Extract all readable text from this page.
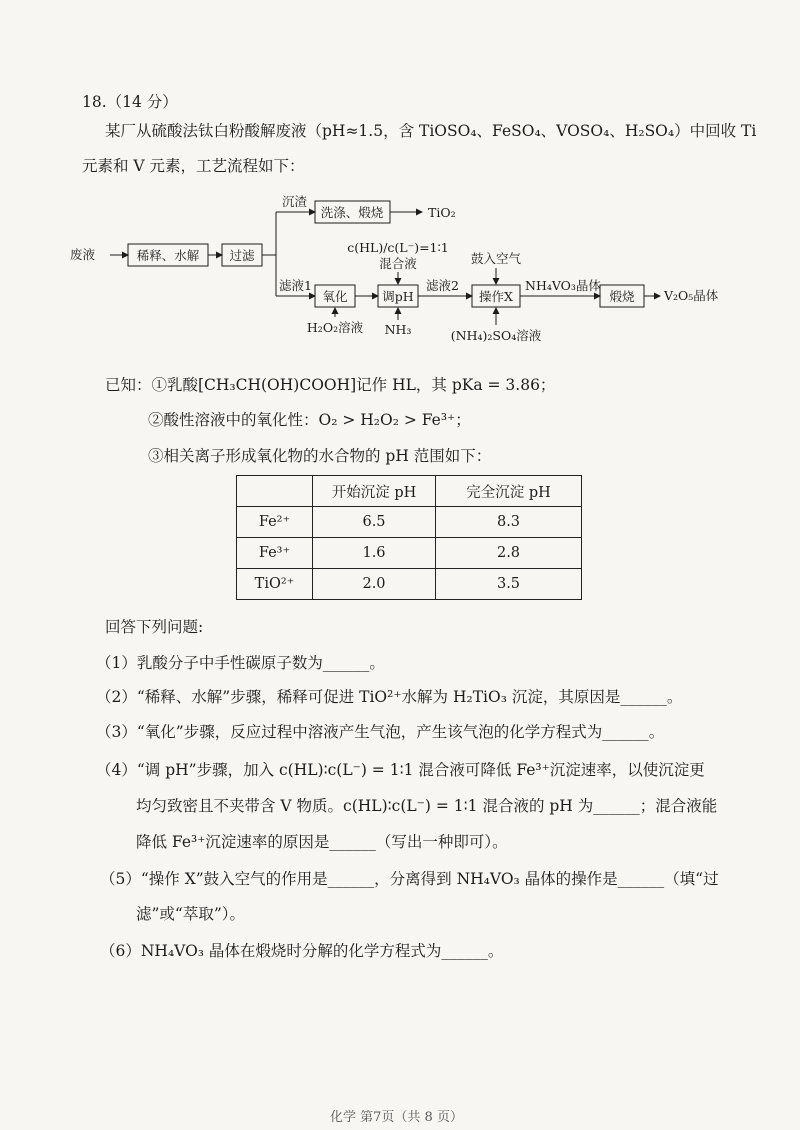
18.（14 分）
某厂从硫酸法钛白粉酸解废液（pH≈1.5，含 TiOSO₄、FeSO₄、VOSO₄、H₂SO₄）中回收 Ti
元素和 V 元素，工艺流程如下：
废液	稀释、水解 过滤
沉渣
洗涤、煅烧	TiO₂
滤液1
氧化
H₂O₂溶液
c(HL)/c(L⁻)=1∶1
混合液
调pH
NH₃
滤液2
鼓入空气
操作X
(NH₄)₂SO₄溶液
NH₄VO₃晶体
煅烧 V₂O₅晶体
已知：①乳酸[CH₃CH(OH)COOH]记作 HL，其 pKa = 3.86；
②酸性溶液中的氧化性：O₂ > H₂O₂ > Fe³⁺；
③相关离子形成氧化物的水合物的 pH 范围如下：
	开始沉淀 pH	完全沉淀 pH
Fe²⁺	6.5	8.3
Fe³⁺	1.6	2.8
TiO²⁺	2.0	3.5
回答下列问题:
（1）乳酸分子中手性碳原子数为______。
（2）“稀释、水解”步骤，稀释可促进 TiO²⁺水解为 H₂TiO₃ 沉淀，其原因是______。
（3）“氧化”步骤，反应过程中溶液产生气泡，产生该气泡的化学方程式为______。
（4）“调 pH”步骤，加入 c(HL)∶c(L⁻) = 1∶1 混合液可降低 Fe³⁺沉淀速率，以使沉淀更
均匀致密且不夹带含 V 物质。c(HL)∶c(L⁻) = 1∶1 混合液的 pH 为______；混合液能
降低 Fe³⁺沉淀速率的原因是______（写出一种即可）。
（5）“操作 X”鼓入空气的作用是______，分离得到 NH₄VO₃ 晶体的操作是______（填“过
滤”或“萃取”）。
（6）NH₄VO₃ 晶体在煅烧时分解的化学方程式为______。
化学 第7页（共 8 页）
